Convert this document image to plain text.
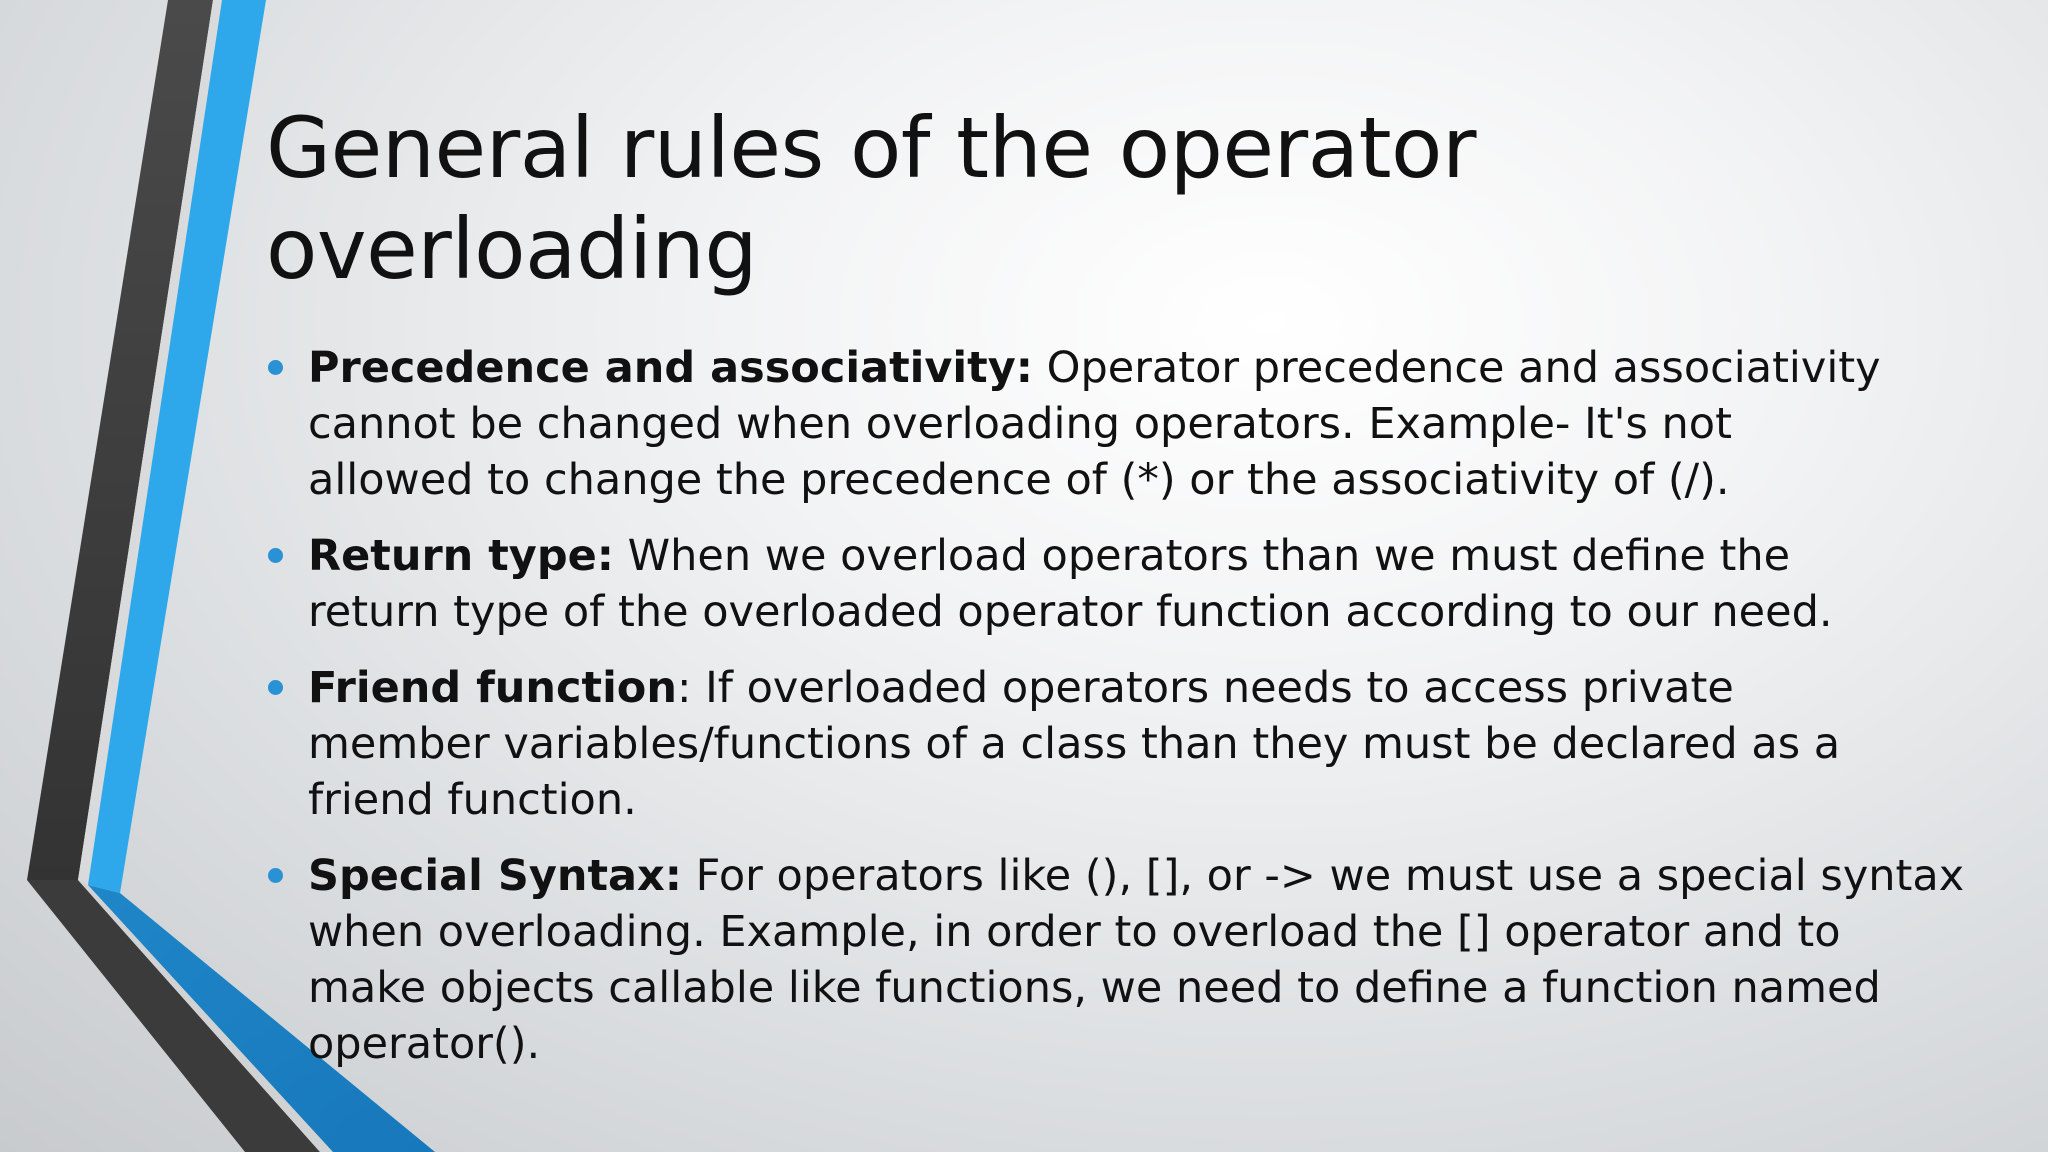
General rules of the operator
overloading
Precedence and associativity: Operator precedence and associativity
cannot be changed when overloading operators. Example- It's not
allowed to change the precedence of (*) or the associativity of (/).
Return type: When we overload operators than we must define the
return type of the overloaded operator function according to our need.
Friend function: If overloaded operators needs to access private
member variables/functions of a class than they must be declared as a
friend function.
Special Syntax: For operators like (), [], or -> we must use a special syntax
when overloading. Example, in order to overload the [] operator and to
make objects callable like functions, we need to define a function named
operator().
